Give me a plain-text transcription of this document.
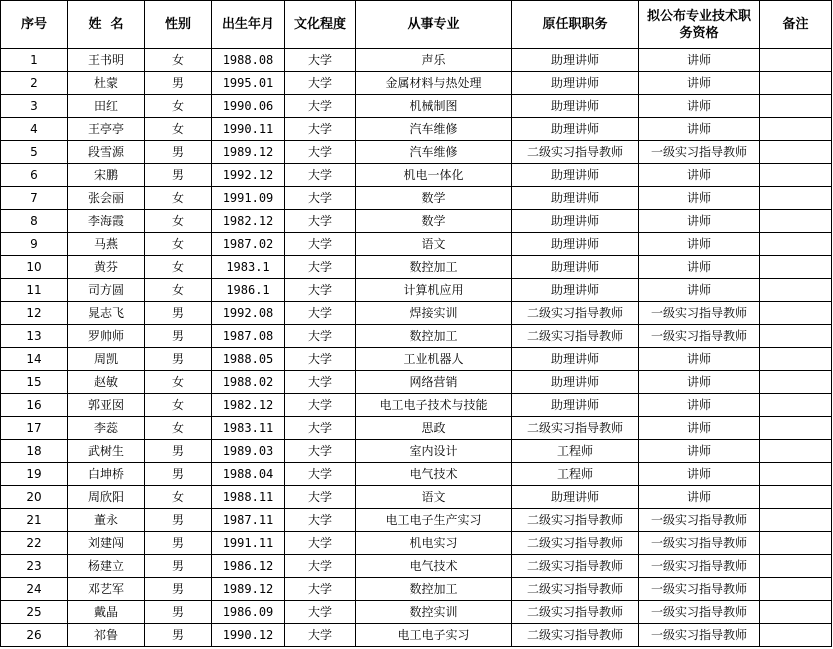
序号	姓  名	性别	出生年月	文化程度	从事专业	原任职职务	拟公布专业技术职务资格	备注
1	王书明	女	1988.08	大学	声乐	助理讲师	讲师	
2	杜蒙	男	1995.01	大学	金属材料与热处理	助理讲师	讲师	
3	田红	女	1990.06	大学	机械制图	助理讲师	讲师	
4	王亭亭	女	1990.11	大学	汽车维修	助理讲师	讲师	
5	段雪源	男	1989.12	大学	汽车维修	二级实习指导教师	一级实习指导教师	
6	宋鹏	男	1992.12	大学	机电一体化	助理讲师	讲师	
7	张会丽	女	1991.09	大学	数学	助理讲师	讲师	
8	李海霞	女	1982.12	大学	数学	助理讲师	讲师	
9	马燕	女	1987.02	大学	语文	助理讲师	讲师	
10	黄芬	女	1983.1	大学	数控加工	助理讲师	讲师	
11	司方圆	女	1986.1	大学	计算机应用	助理讲师	讲师	
12	晁志飞	男	1992.08	大学	焊接实训	二级实习指导教师	一级实习指导教师	
13	罗帅师	男	1987.08	大学	数控加工	二级实习指导教师	一级实习指导教师	
14	周凯	男	1988.05	大学	工业机器人	助理讲师	讲师	
15	赵敏	女	1988.02	大学	网络营销	助理讲师	讲师	
16	郭亚囡	女	1982.12	大学	电工电子技术与技能	助理讲师	讲师	
17	李蕊	女	1983.11	大学	思政	二级实习指导教师	讲师	
18	武树生	男	1989.03	大学	室内设计	工程师	讲师	
19	白坤桥	男	1988.04	大学	电气技术	工程师	讲师	
20	周欣阳	女	1988.11	大学	语文	助理讲师	讲师	
21	董永	男	1987.11	大学	电工电子生产实习	二级实习指导教师	一级实习指导教师	
22	刘建闯	男	1991.11	大学	机电实习	二级实习指导教师	一级实习指导教师	
23	杨建立	男	1986.12	大学	电气技术	二级实习指导教师	一级实习指导教师	
24	邓艺军	男	1989.12	大学	数控加工	二级实习指导教师	一级实习指导教师	
25	戴晶	男	1986.09	大学	数控实训	二级实习指导教师	一级实习指导教师	
26	祁鲁	男	1990.12	大学	电工电子实习	二级实习指导教师	一级实习指导教师	
